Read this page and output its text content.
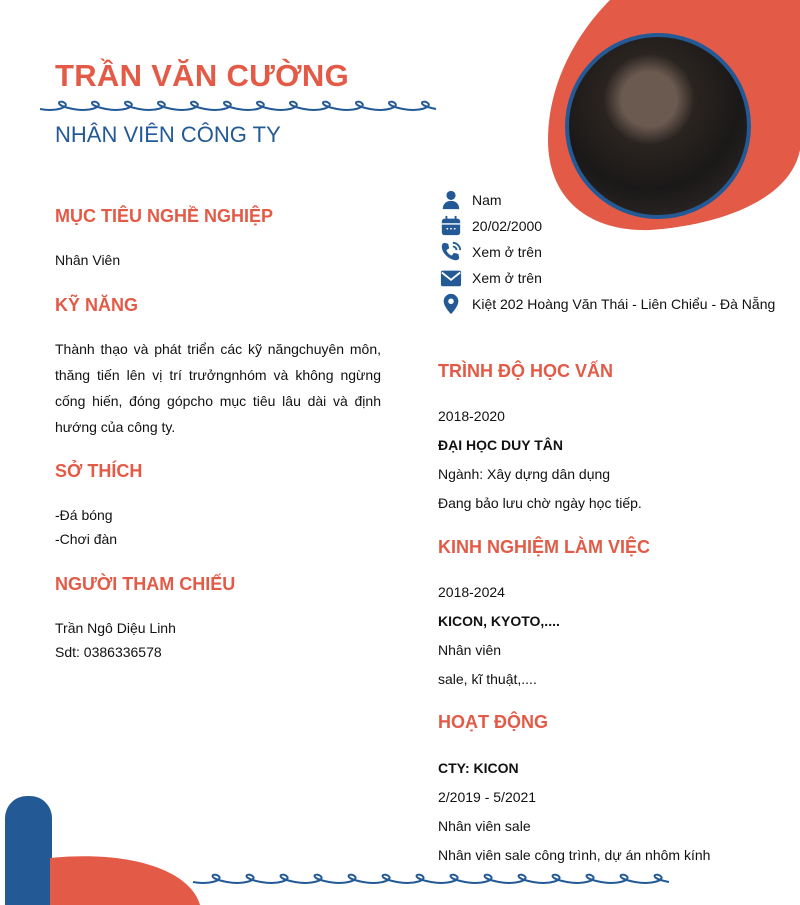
TRẦN VĂN CƯỜNG
NHÂN VIÊN CÔNG TY
Nam
20/02/2000
Xem ở trên
Xem ở trên
Kiệt 202 Hoàng Văn Thái - Liên Chiểu - Đà Nẵng
MỤC TIÊU NGHỀ NGHIỆP
Nhân Viên
KỸ NĂNG
Thành thạo và phát triển các kỹ năngchuyên môn, thăng tiến lên vị trí trưởngnhóm và không ngừng cống hiến, đóng gópcho mục tiêu lâu dài và định hướng của công ty.
SỞ THÍCH
-Đá bóng
-Chơi đàn
NGƯỜI THAM CHIẾU
Trần Ngô Diệu Linh
Sdt: 0386336578
TRÌNH ĐỘ HỌC VẤN
2018-2020
ĐẠI HỌC DUY TÂN
Ngành: Xây dựng dân dụng
Đang bảo lưu chờ ngày học tiếp.
KINH NGHIỆM LÀM VIỆC
2018-2024
KICON, KYOTO,....
Nhân viên
sale, kĩ thuật,....
HOẠT ĐỘNG
CTY: KICON
2/2019 - 5/2021
Nhân viên sale
Nhân viên sale công trình, dự án nhôm kính
